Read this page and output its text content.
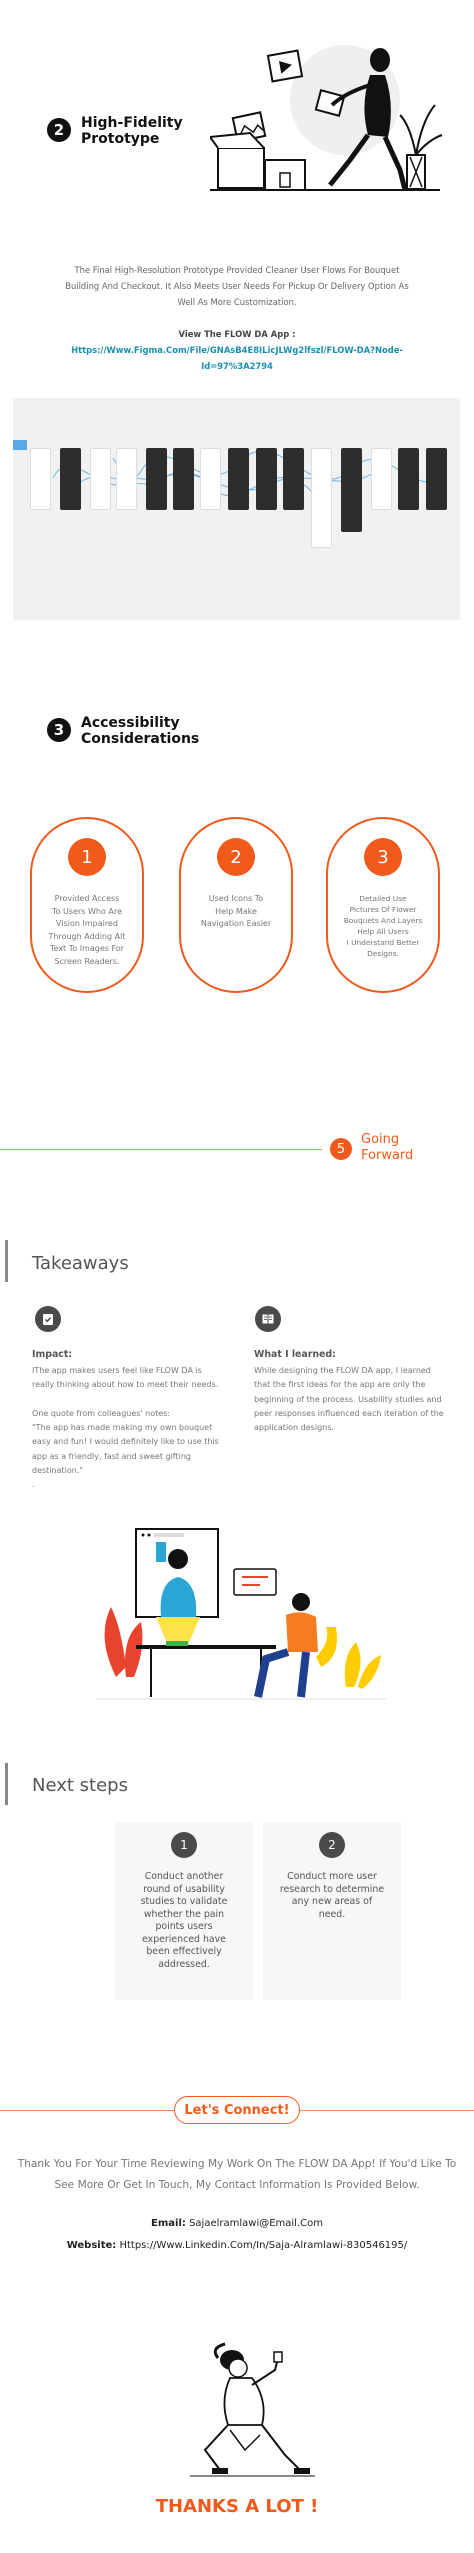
2	High-Fidelity
Prototype
The Final High-Resolution Prototype Provided Cleaner User Flows For Bouquet
Building And Checkout. It Also Meets User Needs For Pickup Or Delivery Option As
Well As More Customization.
View The FLOW DA App :
Https://Www.Figma.Com/File/GNAsB4E8ILicJLWg2lfszl/FLOW-DA?Node-
Id=97%3A2794
3	Accessibility
Considerations
1
Provided Access
To Users Who Are
Vision Impaired
Through Adding Alt
Text To Images For
Screen Readers.
2
Used Icons To
Help Make
Navigation Easier
3
Detailed Use
Pictures Of Flower
Bouquets And Layers
Help All Users
I Understand Better
Designs.
5
Going
Forward
Takeaways
Impact:
IThe app makes users feel like FLOW DA is
really thinking about how to meet their needs.
One quote from colleagues' notes:
"The app has made making my own bouquet
easy and fun! I would definitely like to use this
app as a friendly, fast and sweet gifting
destination."
.
What I learned:
While designing the FLOW DA app, I learned
that the first ideas for the app are only the
beginning of the process. Usability studies and
peer responses influenced each iteration of the
application designs.
Next steps
1
Conduct another
round of usability
studies to validate
whether the pain
points users
experienced have
been effectively
addressed.
2
Conduct more user
research to determine
any new areas of
need.
Let's Connect!
Thank You For Your Time Reviewing My Work On The FLOW DA App! If You'd Like To
See More Or Get In Touch, My Contact Information Is Provided Below.
Email: Sajaelramlawi@Email.Com
Website: Https://Www.Linkedin.Com/In/Saja-Alramlawi-830546195/
THANKS A LOT !
